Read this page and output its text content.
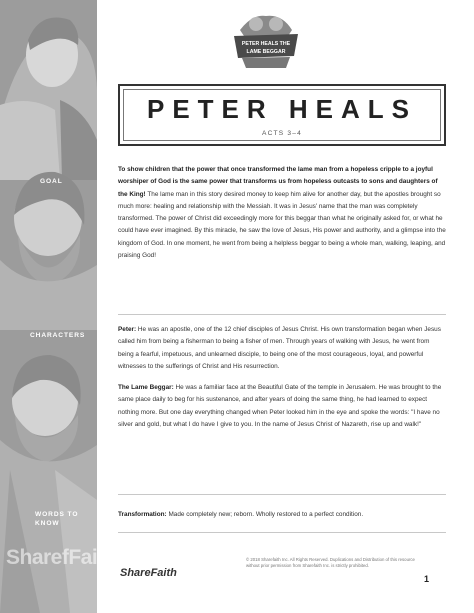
GOAL
CHARACTERS
WORDS TO
KNOW
SharefFaith
PETER HEALS THE
LAME BEGGAR
PETER HEALS
ACTS 3–4
To show children that the power that once transformed the lame man from a hopeless cripple to a joyful worshiper of God is the same power that transforms us from hopeless outcasts to sons and daughters of the King! The lame man in this story desired money to keep him alive for another day, but the apostles brought so much more: healing and relationship with the Messiah. It was in Jesus' name that the man was completely transformed. The power of Christ did exceedingly more for this beggar than what he originally asked for, or what he could have ever imagined. By this miracle, he saw the love of Jesus, His power and authority, and a glimpse into the kingdom of God. In one moment, he went from being a helpless beggar to being a whole man, walking, leaping, and praising God!

Peter: He was an apostle, one of the 12 chief disciples of Jesus Christ. His own transformation began when Jesus called him from being a fisherman to being a fisher of men. Through years of walking with Jesus, he went from being a fearful, impetuous, and unlearned disciple, to being one of the most courageous, loyal, and powerful witnesses to the sufferings of Christ and His resurrection.

The Lame Beggar: He was a familiar face at the Beautiful Gate of the temple in Jerusalem. He was brought to the same place daily to beg for his sustenance, and after years of doing the same thing, he had learned to expect nothing more. But one day everything changed when Peter looked him in the eye and spoke the words: "I have no silver and gold, but what I do have I give to you. In the name of Jesus Christ of Nazareth, rise up and walk!"

Transformation: Made completely new; reborn. Wholly restored to a perfect condition.
ShareFaith
© 2018 Sharefaith Inc. All Rights Reserved. Duplications and Distribution of this resource without prior permission from Sharefaith Inc. is strictly prohibited.
1
